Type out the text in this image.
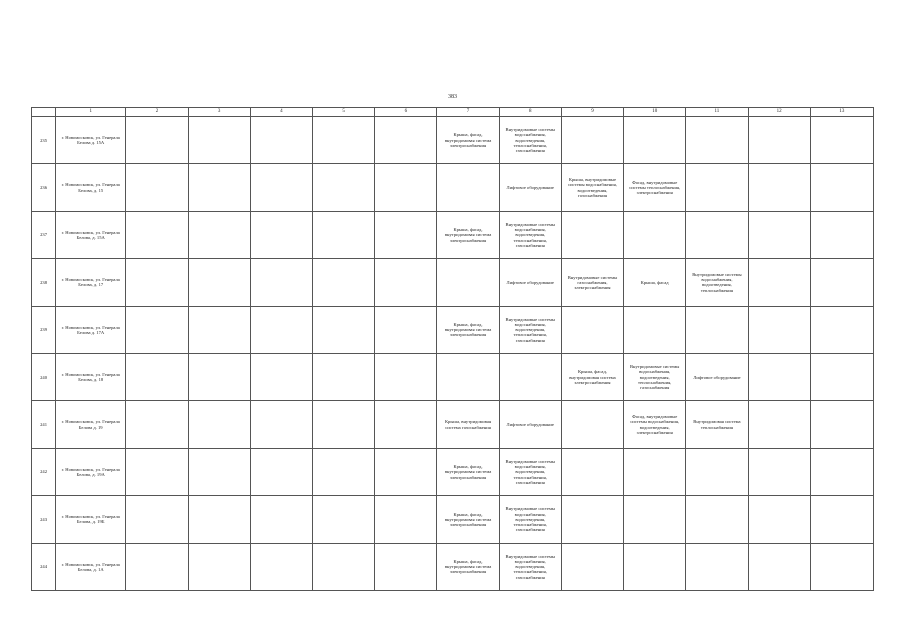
383
	1	2	3	4	5	6	7	8	9	10	11	12	13

235	г. Новомосковск, ул. Генерала Белова д. 15А						Крыша, фасад, внутридомовая система электроснабжения	Внутридомовые системы водоснабжения, водоотведения, теплоснабжения, газоснабжения					

236	г. Новомосковск, ул. Генерала Белова, д. 15							Лифтовое оборудование	Крыша, внутридомовые системы водоснабжения, водоотведения, газоснабжения	Фасад, внутридомовые системы теплоснабжения, электроснабжения			

237	г. Новомосковск, ул. Генерала Белова, д. 15А						Крыша, фасад, внутридомовая система электроснабжения	Внутридомовые системы водоснабжения, водоотведения, теплоснабжения, газоснабжения					

238	г. Новомосковск, ул. Генерала Белова, д. 17							Лифтовое оборудование	Внутридомовые системы газоснабжения, электроснабжения	Крыша, фасад	Внутридомовые системы водоснабжения, водоотведения, теплоснабжения		

239	г. Новомосковск, ул. Генерала Белова д. 17А						Крыша, фасад, внутридомовая система электроснабжения	Внутридомовые системы водоснабжения, водоотведения, теплоснабжения, газоснабжения					

240	г. Новомосковск, ул. Генерала Белова, д. 18								Крыша, фасад, внутридомовая система электроснабжения	Внутридомовые системы водоснабжения, водоотведения, теплоснабжения, газоснабжения	Лифтовое оборудование		

241	г. Новомосковск, ул. Генерала Белова д. 19						Крыша, внутридомовая система газоснабжения	Лифтовое оборудование		Фасад, внутридомовые системы водоснабжения, водоотведения, электроснабжения	Внутридомовая система теплоснабжения		

242	г. Новомосковск, ул. Генерала Белова, д. 19А						Крыша, фасад, внутридомовая система электроснабжения	Внутридомовые системы водоснабжения, водоотведения, теплоснабжения, газоснабжения					

243	г. Новомосковск, ул. Генерала Белова, д. 19Б						Крыша, фасад, внутридомовая система электроснабжения	Внутридомовые системы водоснабжения, водоотведения, теплоснабжения, газоснабжения					

244	г. Новомосковск, ул. Генерала Белова, д. 1А						Крыша, фасад, внутридомовая система электроснабжения	Внутридомовые системы водоснабжения, водоотведения, теплоснабжения, газоснабжения					
